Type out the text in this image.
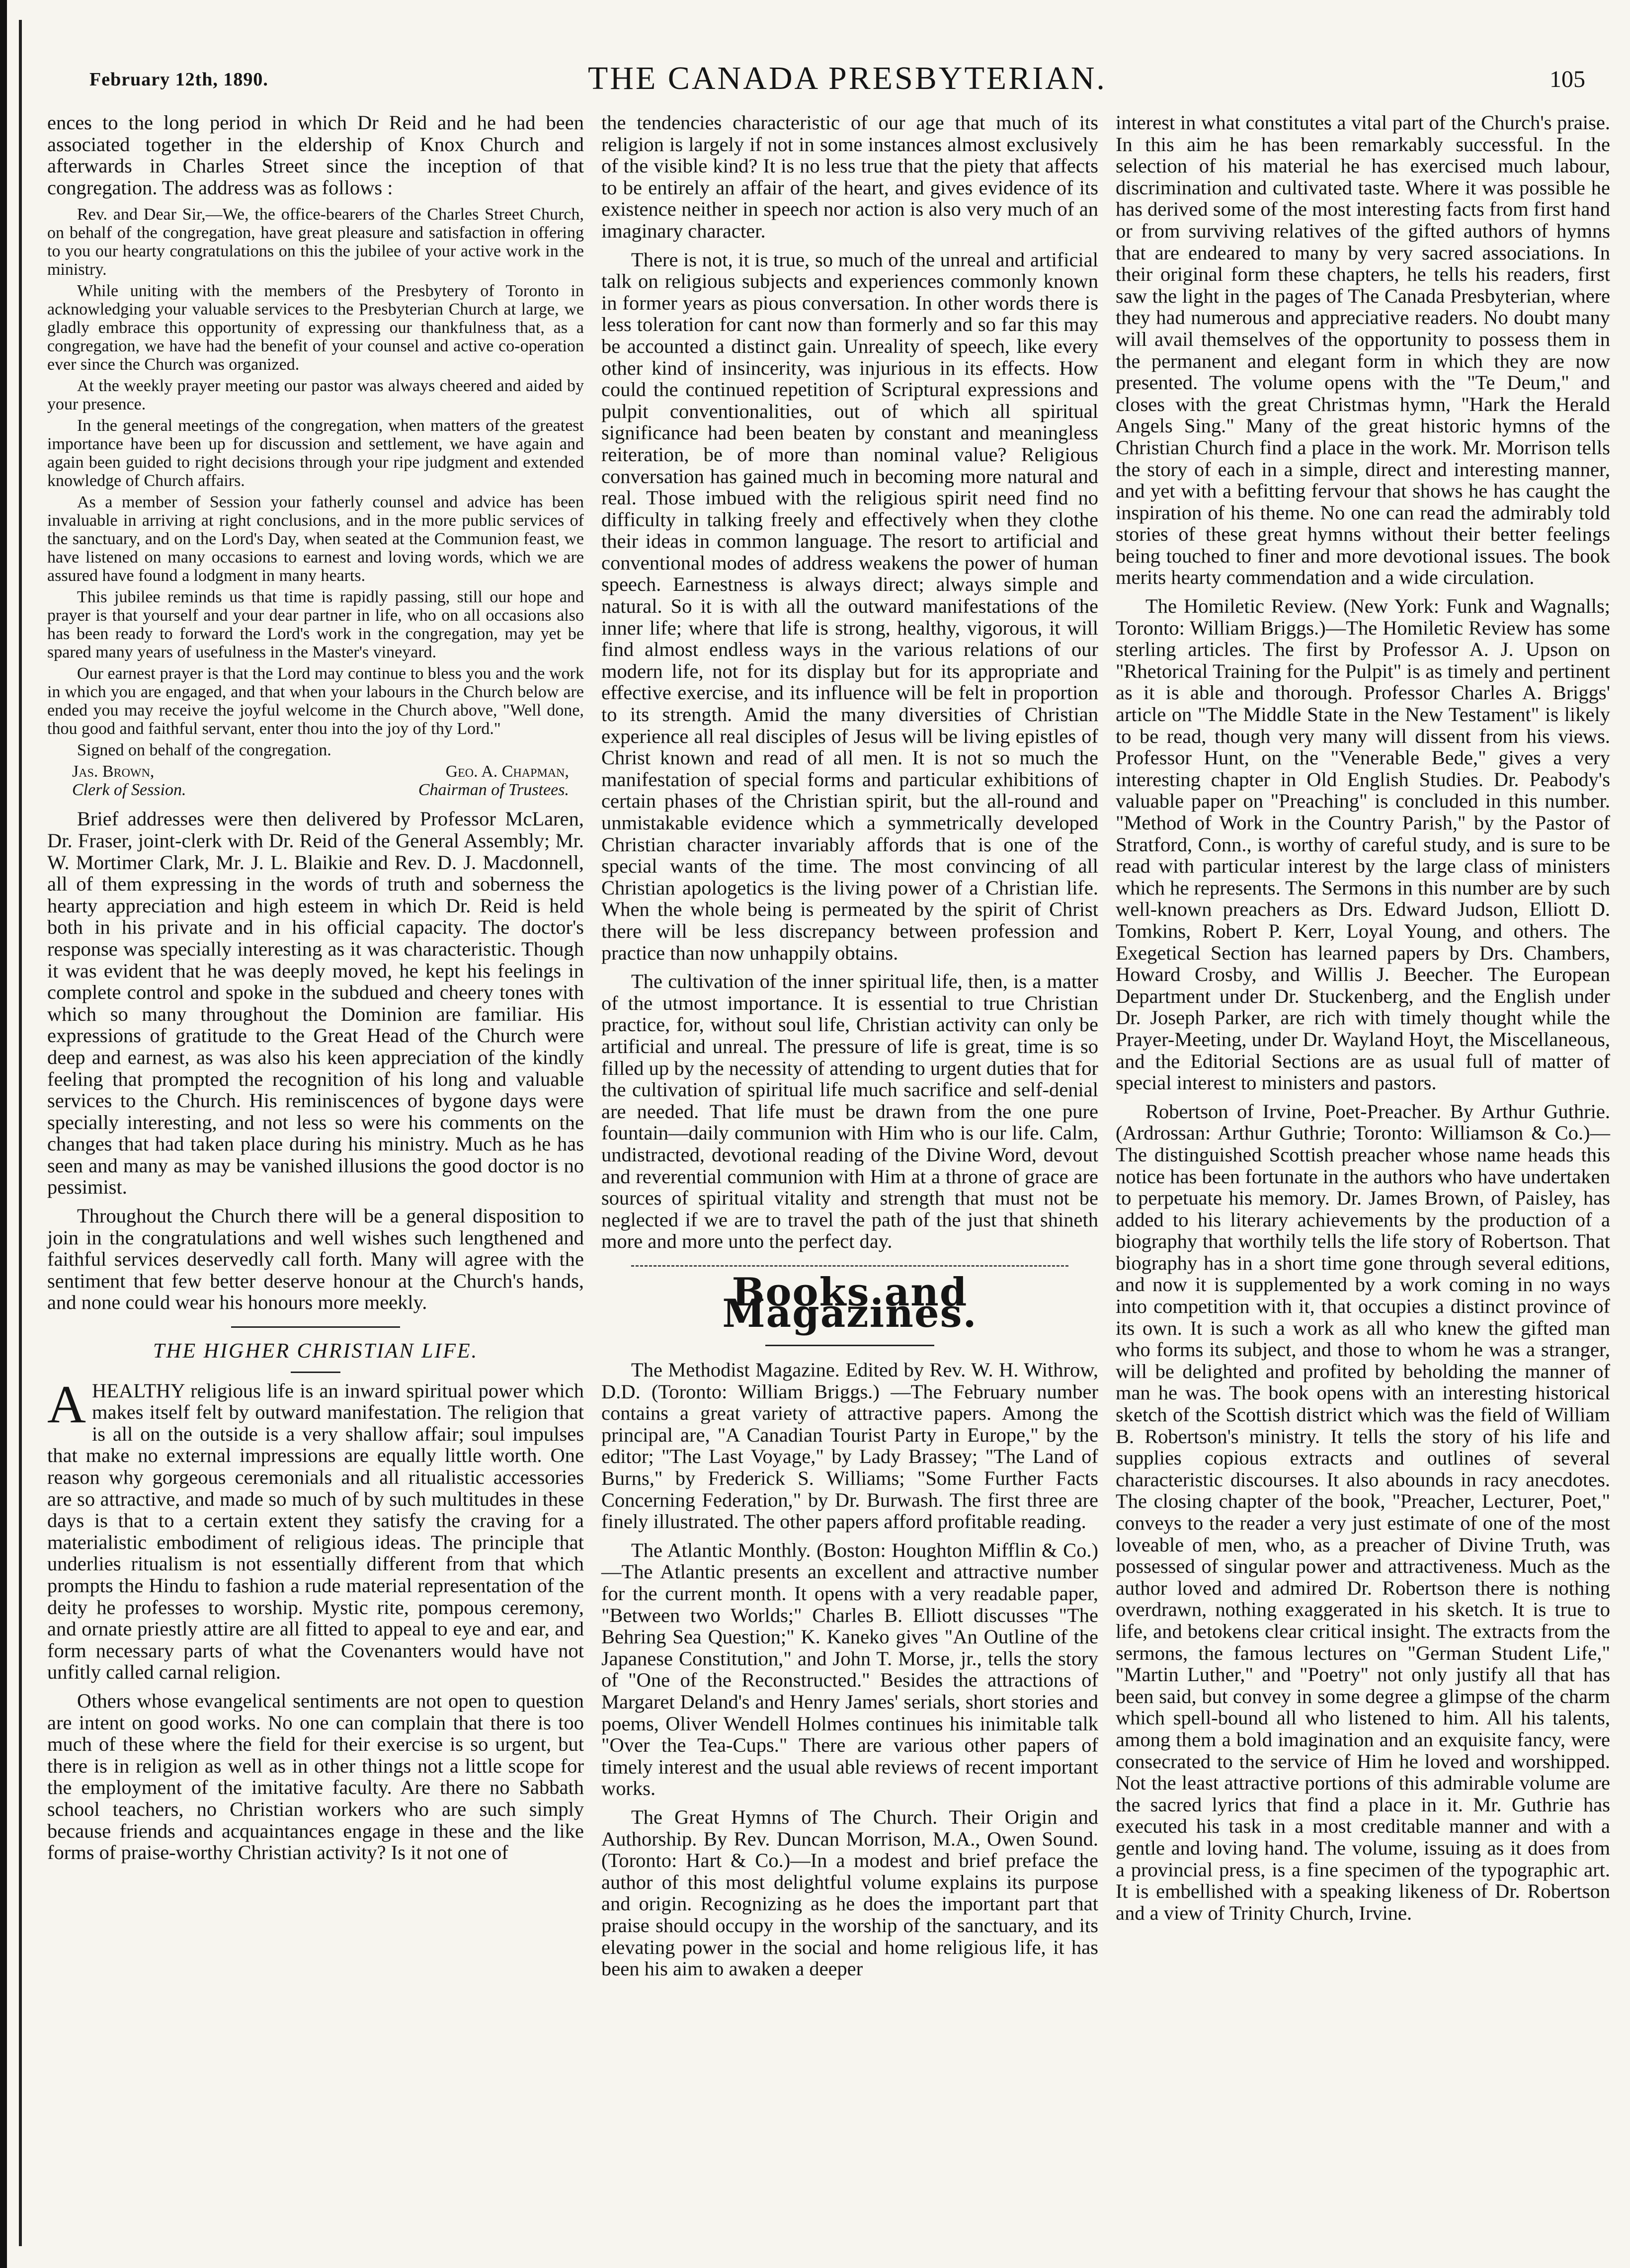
February 12th, 1890.	THE CANADA PRESBYTERIAN.	105

ences to the long period in which Dr Reid and he had been associated together in the eldership of Knox Church and afterwards in Charles Street since the inception of that congregation. The address was as follows :

Rev. and Dear Sir,—We, the office-bearers of the Charles Street Church, on behalf of the congregation, have great pleasure and satisfaction in offering to you our hearty congratulations on this the jubilee of your active work in the ministry.

While uniting with the members of the Presbytery of Toronto in acknowledging your valuable services to the Presbyterian Church at large, we gladly embrace this opportunity of expressing our thankfulness that, as a congregation, we have had the benefit of your counsel and active co-operation ever since the Church was organized.

At the weekly prayer meeting our pastor was always cheered and aided by your presence.

In the general meetings of the congregation, when matters of the greatest importance have been up for discussion and settlement, we have again and again been guided to right decisions through your ripe judgment and extended knowledge of Church affairs.

As a member of Session your fatherly counsel and advice has been invaluable in arriving at right conclusions, and in the more public services of the sanctuary, and on the Lord's Day, when seated at the Communion feast, we have listened on many occasions to earnest and loving words, which we are assured have found a lodgment in many hearts.

This jubilee reminds us that time is rapidly passing, still our hope and prayer is that yourself and your dear partner in life, who on all occasions also has been ready to forward the Lord's work in the congregation, may yet be spared many years of usefulness in the Master's vineyard.

Our earnest prayer is that the Lord may continue to bless you and the work in which you are engaged, and that when your labours in the Church below are ended you may receive the joyful welcome in the Church above, "Well done, thou good and faithful servant, enter thou into the joy of thy Lord."

Signed on behalf of the congregation.

Jas. Brown,	Geo. A. Chapman,
Clerk of Session.	Chairman of Trustees.

Brief addresses were then delivered by Professor McLaren, Dr. Fraser, joint-clerk with Dr. Reid of the General Assembly; Mr. W. Mortimer Clark, Mr. J. L. Blaikie and Rev. D. J. Macdonnell, all of them expressing in the words of truth and soberness the hearty appreciation and high esteem in which Dr. Reid is held both in his private and in his official capacity. The doctor's response was specially interesting as it was characteristic. Though it was evident that he was deeply moved, he kept his feelings in complete control and spoke in the subdued and cheery tones with which so many throughout the Dominion are familiar. His expressions of gratitude to the Great Head of the Church were deep and earnest, as was also his keen appreciation of the kindly feeling that prompted the recognition of his long and valuable services to the Church. His reminiscences of bygone days were specially interesting, and not less so were his comments on the changes that had taken place during his ministry. Much as he has seen and many as may be vanished illusions the good doctor is no pessimist.

Throughout the Church there will be a general disposition to join in the congratulations and well wishes such lengthened and faithful services deservedly call forth. Many will agree with the sentiment that few better deserve honour at the Church's hands, and none could wear his honours more meekly.

THE HIGHER CHRISTIAN LIFE.

AHEALTHY religious life is an inward spiritual power which makes itself felt by outward manifestation. The religion that is all on the outside is a very shallow affair; soul impulses that make no external impressions are equally little worth. One reason why gorgeous ceremonials and all ritualistic accessories are so attractive, and made so much of by such multitudes in these days is that to a certain extent they satisfy the craving for a materialistic embodiment of religious ideas. The principle that underlies ritualism is not essentially different from that which prompts the Hindu to fashion a rude material representation of the deity he professes to worship. Mystic rite, pompous ceremony, and ornate priestly attire are all fitted to appeal to eye and ear, and form necessary parts of what the Covenanters would have not unfitly called carnal religion.

Others whose evangelical sentiments are not open to question are intent on good works. No one can complain that there is too much of these where the field for their exercise is so urgent, but there is in religion as well as in other things not a little scope for the employment of the imitative faculty. Are there no Sabbath school teachers, no Christian workers who are such simply because friends and acquaintances engage in these and the like forms of praise-worthy Christian activity? Is it not one of

the tendencies characteristic of our age that much of its religion is largely if not in some instances almost exclusively of the visible kind? It is no less true that the piety that affects to be entirely an affair of the heart, and gives evidence of its existence neither in speech nor action is also very much of an imaginary character.

There is not, it is true, so much of the unreal and artificial talk on religious subjects and experiences commonly known in former years as pious conversation. In other words there is less toleration for cant now than formerly and so far this may be accounted a distinct gain. Unreality of speech, like every other kind of insincerity, was injurious in its effects. How could the continued repetition of Scriptural expressions and pulpit conventionalities, out of which all spiritual significance had been beaten by constant and meaningless reiteration, be of more than nominal value? Religious conversation has gained much in becoming more natural and real. Those imbued with the religious spirit need find no difficulty in talking freely and effectively when they clothe their ideas in common language. The resort to artificial and conventional modes of address weakens the power of human speech. Earnestness is always direct; always simple and natural. So it is with all the outward manifestations of the inner life; where that life is strong, healthy, vigorous, it will find almost endless ways in the various relations of our modern life, not for its display but for its appropriate and effective exercise, and its influence will be felt in proportion to its strength. Amid the many diversities of Christian experience all real disciples of Jesus will be living epistles of Christ known and read of all men. It is not so much the manifestation of special forms and particular exhibitions of certain phases of the Christian spirit, but the all-round and unmistakable evidence which a symmetrically developed Christian character invariably affords that is one of the special wants of the time. The most convincing of all Christian apologetics is the living power of a Christian life. When the whole being is permeated by the spirit of Christ there will be less discrepancy between profession and practice than now unhappily obtains.

The cultivation of the inner spiritual life, then, is a matter of the utmost importance. It is essential to true Christian practice, for, without soul life, Christian activity can only be artificial and unreal. The pressure of life is great, time is so filled up by the necessity of attending to urgent duties that for the cultivation of spiritual life much sacrifice and self-denial are needed. That life must be drawn from the one pure fountain—daily communion with Him who is our life. Calm, undistracted, devotional reading of the Divine Word, devout and reverential communion with Him at a throne of grace are sources of spiritual vitality and strength that must not be neglected if we are to travel the path of the just that shineth more and more unto the perfect day.

Books and Magazines.

The Methodist Magazine. Edited by Rev. W. H. Withrow, D.D. (Toronto: William Briggs.) —The February number contains a great variety of attractive papers. Among the principal are, "A Canadian Tourist Party in Europe," by the editor; "The Last Voyage," by Lady Brassey; "The Land of Burns," by Frederick S. Williams; "Some Further Facts Concerning Federation," by Dr. Burwash. The first three are finely illustrated. The other papers afford profitable reading.

The Atlantic Monthly. (Boston: Houghton Mifflin & Co.)—The Atlantic presents an excellent and attractive number for the current month. It opens with a very readable paper, "Between two Worlds;" Charles B. Elliott discusses "The Behring Sea Question;" K. Kaneko gives "An Outline of the Japanese Constitution," and John T. Morse, jr., tells the story of "One of the Reconstructed." Besides the attractions of Margaret Deland's and Henry James' serials, short stories and poems, Oliver Wendell Holmes continues his inimitable talk "Over the Tea-Cups." There are various other papers of timely interest and the usual able reviews of recent important works.

The Great Hymns of The Church. Their Origin and Authorship. By Rev. Duncan Morrison, M.A., Owen Sound. (Toronto: Hart & Co.)—In a modest and brief preface the author of this most delightful volume explains its purpose and origin. Recognizing as he does the important part that praise should occupy in the worship of the sanctuary, and its elevating power in the social and home religious life, it has been his aim to awaken a deeper

interest in what constitutes a vital part of the Church's praise. In this aim he has been remarkably successful. In the selection of his material he has exercised much labour, discrimination and cultivated taste. Where it was possible he has derived some of the most interesting facts from first hand or from surviving relatives of the gifted authors of hymns that are endeared to many by very sacred associations. In their original form these chapters, he tells his readers, first saw the light in the pages of The Canada Presbyterian, where they had numerous and appreciative readers. No doubt many will avail themselves of the opportunity to possess them in the permanent and elegant form in which they are now presented. The volume opens with the "Te Deum," and closes with the great Christmas hymn, "Hark the Herald Angels Sing." Many of the great historic hymns of the Christian Church find a place in the work. Mr. Morrison tells the story of each in a simple, direct and interesting manner, and yet with a befitting fervour that shows he has caught the inspiration of his theme. No one can read the admirably told stories of these great hymns without their better feelings being touched to finer and more devotional issues. The book merits hearty commendation and a wide circulation.

The Homiletic Review. (New York: Funk and Wagnalls; Toronto: William Briggs.)—The Homiletic Review has some sterling articles. The first by Professor A. J. Upson on "Rhetorical Training for the Pulpit" is as timely and pertinent as it is able and thorough. Professor Charles A. Briggs' article on "The Middle State in the New Testament" is likely to be read, though very many will dissent from his views. Professor Hunt, on the "Venerable Bede," gives a very interesting chapter in Old English Studies. Dr. Peabody's valuable paper on "Preaching" is concluded in this number. "Method of Work in the Country Parish," by the Pastor of Stratford, Conn., is worthy of careful study, and is sure to be read with particular interest by the large class of ministers which he represents. The Sermons in this number are by such well-known preachers as Drs. Edward Judson, Elliott D. Tomkins, Robert P. Kerr, Loyal Young, and others. The Exegetical Section has learned papers by Drs. Chambers, Howard Crosby, and Willis J. Beecher. The European Department under Dr. Stuckenberg, and the English under Dr. Joseph Parker, are rich with timely thought while the Prayer-Meeting, under Dr. Wayland Hoyt, the Miscellaneous, and the Editorial Sections are as usual full of matter of special interest to ministers and pastors.

Robertson of Irvine, Poet-Preacher. By Arthur Guthrie. (Ardrossan: Arthur Guthrie; Toronto: Williamson & Co.)—The distinguished Scottish preacher whose name heads this notice has been fortunate in the authors who have undertaken to perpetuate his memory. Dr. James Brown, of Paisley, has added to his literary achievements by the production of a biography that worthily tells the life story of Robertson. That biography has in a short time gone through several editions, and now it is supplemented by a work coming in no ways into competition with it, that occupies a distinct province of its own. It is such a work as all who knew the gifted man who forms its subject, and those to whom he was a stranger, will be delighted and profited by beholding the manner of man he was. The book opens with an interesting historical sketch of the Scottish district which was the field of William B. Robertson's ministry. It tells the story of his life and supplies copious extracts and outlines of several characteristic discourses. It also abounds in racy anecdotes. The closing chapter of the book, "Preacher, Lecturer, Poet," conveys to the reader a very just estimate of one of the most loveable of men, who, as a preacher of Divine Truth, was possessed of singular power and attractiveness. Much as the author loved and admired Dr. Robertson there is nothing overdrawn, nothing exaggerated in his sketch. It is true to life, and betokens clear critical insight. The extracts from the sermons, the famous lectures on "German Student Life," "Martin Luther," and "Poetry" not only justify all that has been said, but convey in some degree a glimpse of the charm which spell-bound all who listened to him. All his talents, among them a bold imagination and an exquisite fancy, were consecrated to the service of Him he loved and worshipped. Not the least attractive portions of this admirable volume are the sacred lyrics that find a place in it. Mr. Guthrie has executed his task in a most creditable manner and with a gentle and loving hand. The volume, issuing as it does from a provincial press, is a fine specimen of the typographic art. It is embellished with a speaking likeness of Dr. Robertson and a view of Trinity Church, Irvine.
